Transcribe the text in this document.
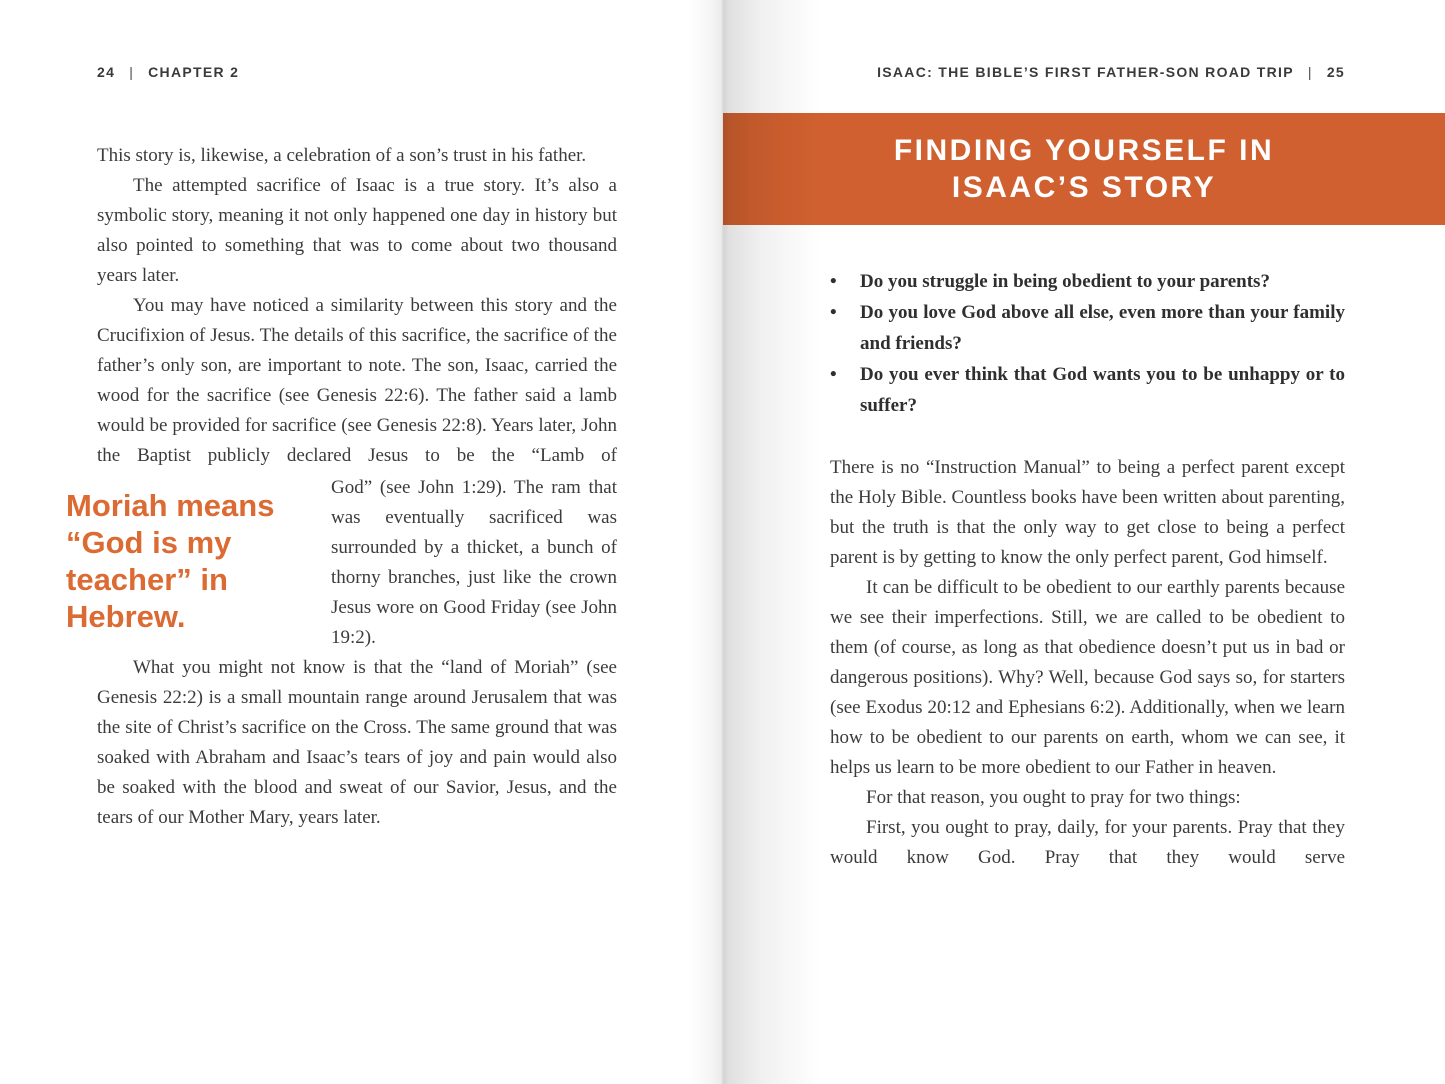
24 | CHAPTER 2

This story is, likewise, a celebration of a son’s trust in his father.

The attempted sacrifice of Isaac is a true story. It’s also a symbolic story, meaning it not only happened one day in history but also pointed to something that was to come about two thousand years later.

You may have noticed a similarity between this story and the Crucifixion of Jesus. The details of this sacrifice, the sacrifice of the father’s only son, are important to note. The son, Isaac, carried the wood for the sacrifice (see Genesis 22:6). The father said a lamb would be provided for sacrifice (see Genesis 22:8). Years later, John the Baptist publicly declared Jesus to be the “Lamb of

Moriah means “God is my teacher” in Hebrew.
God” (see John 1:29). The ram that was eventually sacrificed was surrounded by a thicket, a bunch of thorny branches, just like the crown Jesus wore on Good Friday (see John 19:2).

What you might not know is that the “land of Moriah” (see Genesis 22:2) is a small mountain range around Jerusalem that was the site of Christ’s sacrifice on the Cross. The same ground that was soaked with Abraham and Isaac’s tears of joy and pain would also be soaked with the blood and sweat of our Savior, Jesus, and the tears of our Mother Mary, years later.

ISAAC: THE BIBLE’S FIRST FATHER-SON ROAD TRIP | 25
FINDING YOURSELF IN
ISAAC’S STORY
•	Do you struggle in being obedient to your parents?
•	Do you love God above all else, even more than your family and friends?
•	Do you ever think that God wants you to be unhappy or to suffer?

There is no “Instruction Manual” to being a perfect parent except the Holy Bible. Countless books have been written about parenting, but the truth is that the only way to get close to being a perfect parent is by getting to know the only perfect parent, God himself.

It can be difficult to be obedient to our earthly parents because we see their imperfections. Still, we are called to be obedient to them (of course, as long as that obedience doesn’t put us in bad or dangerous positions). Why? Well, because God says so, for starters (see Exodus 20:12 and Ephesians 6:2). Additionally, when we learn how to be obedient to our parents on earth, whom we can see, it helps us learn to be more obedient to our Father in heaven.

For that reason, you ought to pray for two things:

First, you ought to pray, daily, for your parents. Pray that they would know God. Pray that they would serve
